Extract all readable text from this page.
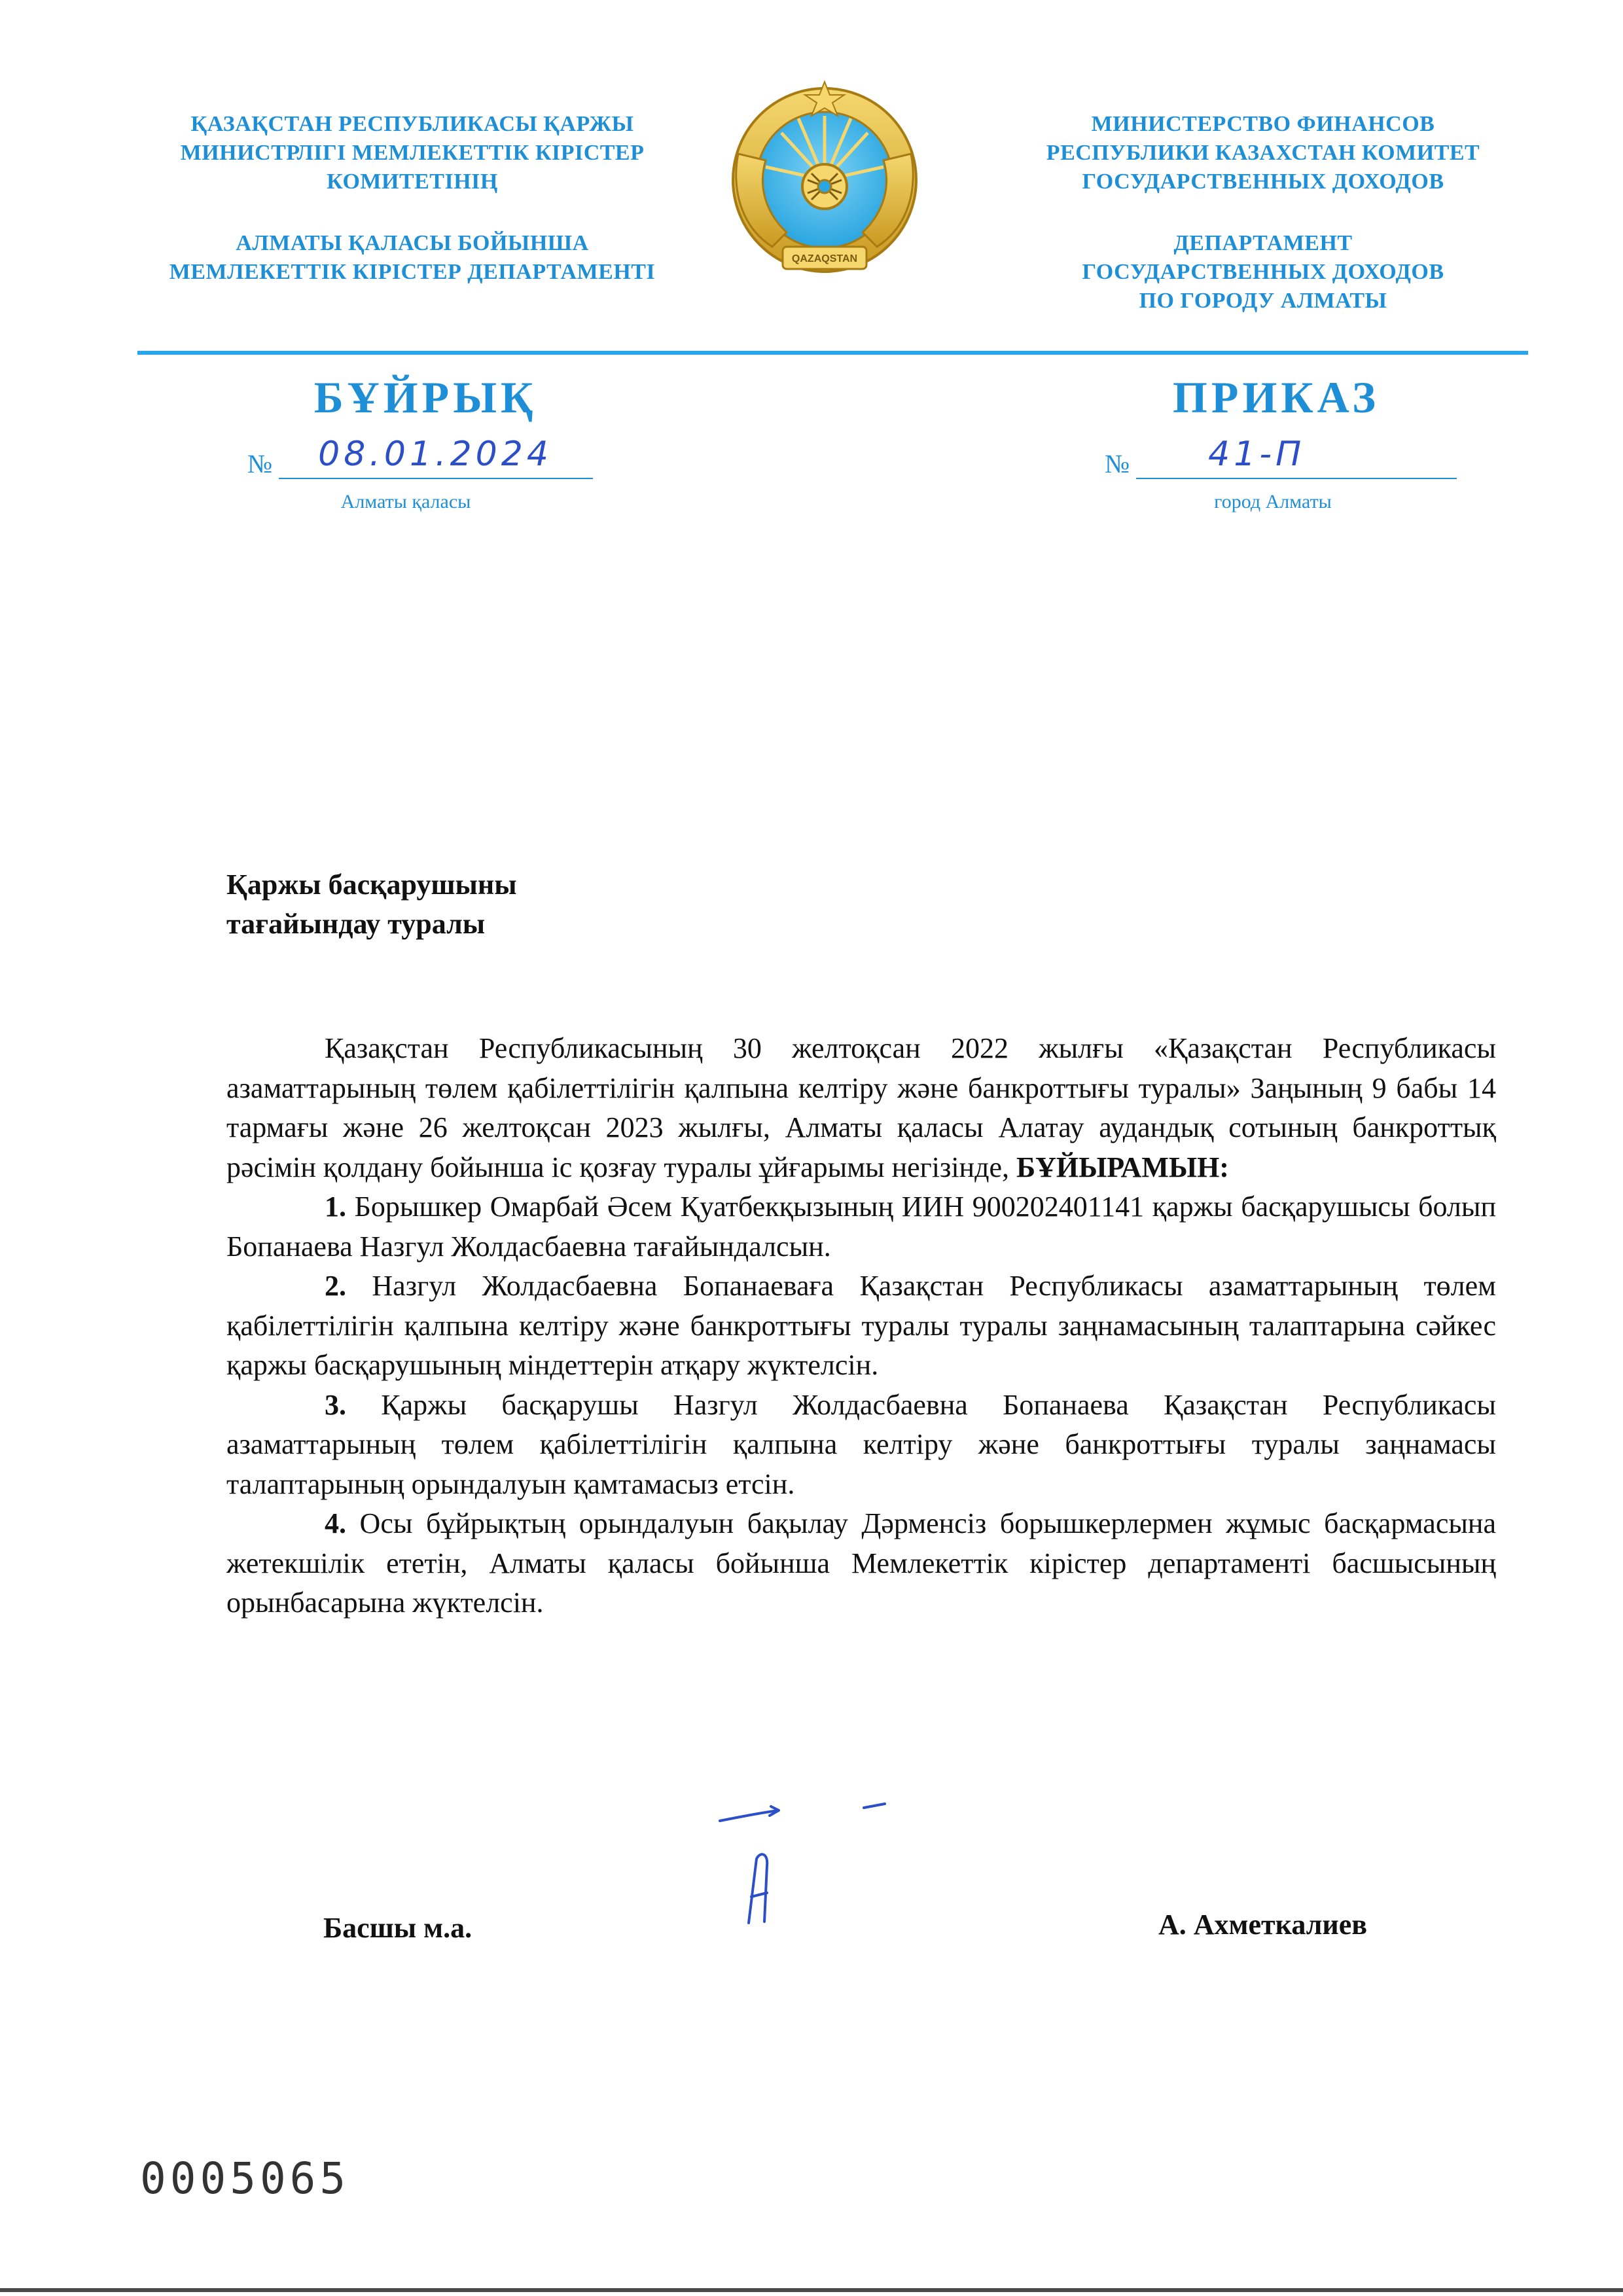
ҚАЗАҚСТАН РЕСПУБЛИКАСЫ ҚАРЖЫ
МИНИСТРЛІГІ МЕМЛЕКЕТТІК КІРІСТЕР
КОМИТЕТІНІҢ
АЛМАТЫ ҚАЛАСЫ БОЙЫНША
МЕМЛЕКЕТТІК КІРІСТЕР ДЕПАРТАМЕНТІ
QAZAQSTAN
МИНИСТЕРСТВО ФИНАНСОВ
РЕСПУБЛИКИ КАЗАХСТАН КОМИТЕТ
ГОСУДАРСТВЕННЫХ ДОХОДОВ
ДЕПАРТАМЕНТ
ГОСУДАРСТВЕННЫХ ДОХОДОВ
ПО ГОРОДУ АЛМАТЫ
БҰЙРЫҚ	ПРИКАЗ
№ 08.01.2024	№ 41-П
Алматы қаласы	город Алматы
Қаржы басқарушыны
тағайындау туралы

Қазақстан Республикасының 30 желтоқсан 2022 жылғы «Қазақстан Республикасы азаматтарының төлем қабілеттілігін қалпына келтіру және банкроттығы туралы» Заңының 9 бабы 14 тармағы және 26 желтоқсан 2023 жылғы, Алматы қаласы Алатау аудандық сотының банкроттық рәсімін қолдану бойынша іс қозғау туралы ұйғарымы негізінде, БҰЙЫРАМЫН:

1. Борышкер Омарбай Әсем Қуатбекқызының ИИН 900202401141 қаржы басқарушысы болып Бопанаева Назгул Жолдасбаевна тағайындалсын.

2. Назгул Жолдасбаевна Бопанаеваға Қазақстан Республикасы азаматтарының төлем қабілеттілігін қалпына келтіру және банкроттығы туралы туралы заңнамасының талаптарына сәйкес қаржы басқарушының міндеттерін атқару жүктелсін.

3. Қаржы басқарушы Назгул Жолдасбаевна Бопанаева Қазақстан Республикасы азаматтарының төлем қабілеттілігін қалпына келтіру және банкроттығы туралы заңнамасы талаптарының орындалуын қамтамасыз етсін.

4. Осы бұйрықтың орындалуын бақылау Дәрменсіз борышкерлермен жұмыс басқармасына жетекшілік ететін, Алматы қаласы бойынша Мемлекеттік кірістер департаменті басшысының орынбасарына жүктелсін.

Басшы м.а.	А. Ахметкалиев
0005065
